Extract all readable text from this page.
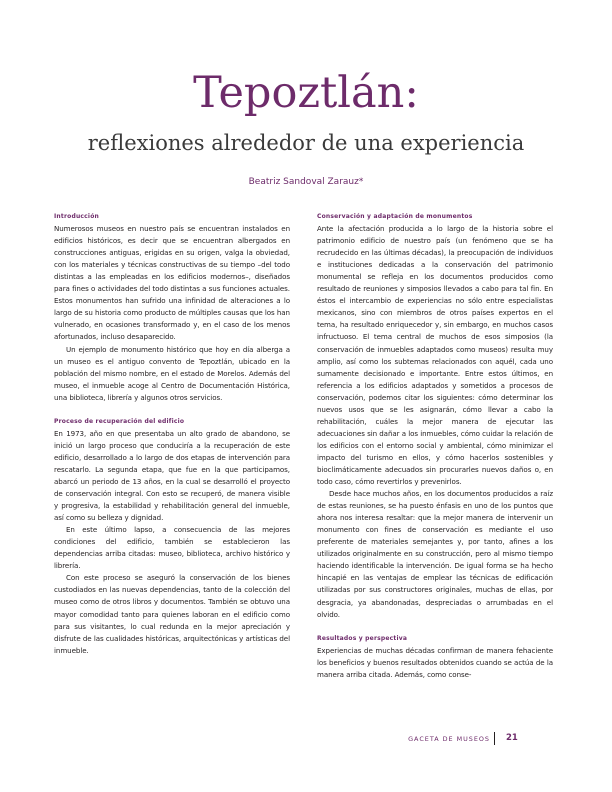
Tepoztlán:
reflexiones alrededor de una experiencia

Beatriz Sandoval Zarauz*

Introducción

Numerosos museos en nuestro país se encuentran instalados en edificios históricos, es decir que se encuentran albergados en construcciones antiguas, erigidas en su origen, valga la obviedad, con los materiales y técnicas constructivas de su tiempo –del todo distintas a las empleadas en los edificios modernos–, diseñados para fines o actividades del todo distintas a sus funciones actuales. Estos monumentos han sufrido una infinidad de alteraciones a lo largo de su historia como producto de múltiples causas que los han vulnerado, en ocasiones transformado y, en el caso de los menos afortunados, incluso desaparecido.

Un ejemplo de monumento histórico que hoy en día alberga a un museo es el antiguo convento de Tepoztlán, ubicado en la población del mismo nombre, en el estado de Morelos. Además del museo, el inmueble acoge al Centro de Documentación Histórica, una biblioteca, librería y algunos otros servicios.

Proceso de recuperación del edificio

En 1973, año en que presentaba un alto grado de abandono, se inició un largo proceso que conduciría a la recuperación de este edificio, desarrollado a lo largo de dos etapas de intervención para rescatarlo. La segunda etapa, que fue en la que participamos, abarcó un periodo de 13 años, en la cual se desarrolló el proyecto de conservación integral. Con esto se recuperó, de manera visible y progresiva, la estabilidad y rehabilitación general del inmueble, así como su belleza y dignidad.

En este último lapso, a consecuencia de las mejores condiciones del edificio, también se establecieron las dependencias arriba citadas: museo, biblioteca, archivo histórico y librería.

Con este proceso se aseguró la conservación de los bienes custodiados en las nuevas dependencias, tanto de la colección del museo como de otros libros y documentos. También se obtuvo una mayor comodidad tanto para quienes laboran en el edificio como para sus visitantes, lo cual redunda en la mejor apreciación y disfrute de las cualidades históricas, arquitectónicas y artísticas del inmueble.

Conservación y adaptación de monumentos

Ante la afectación producida a lo largo de la historia sobre el patrimonio edificio de nuestro país (un fenómeno que se ha recrudecido en las últimas décadas), la preocupación de individuos e instituciones dedicadas a la conservación del patrimonio monumental se refleja en los documentos producidos como resultado de reuniones y simposios llevados a cabo para tal fin. En éstos el intercambio de experiencias no sólo entre especialistas mexicanos, sino con miembros de otros países expertos en el tema, ha resultado enriquecedor y, sin embargo, en muchos casos infructuoso. El tema central de muchos de esos simposios (la conservación de inmuebles adaptados como museos) resulta muy amplio, así como los subtemas relacionados con aquél, cada uno sumamente decisionado e importante. Entre estos últimos, en referencia a los edificios adaptados y sometidos a procesos de conservación, podemos citar los siguientes: cómo determinar los nuevos usos que se les asignarán, cómo llevar a cabo la rehabilitación, cuáles la mejor manera de ejecutar las adecuaciones sin dañar a los inmuebles, cómo cuidar la relación de los edificios con el entorno social y ambiental, cómo minimizar el impacto del turismo en ellos, y cómo hacerlos sostenibles y bioclimáticamente adecuados sin procurarles nuevos daños o, en todo caso, cómo revertirlos y prevenirlos.

Desde hace muchos años, en los documentos producidos a raíz de estas reuniones, se ha puesto énfasis en uno de los puntos que ahora nos interesa resaltar: que la mejor manera de intervenir un monumento con fines de conservación es mediante el uso preferente de materiales semejantes y, por tanto, afines a los utilizados originalmente en su construcción, pero al mismo tiempo haciendo identificable la intervención. De igual forma se ha hecho hincapié en las ventajas de emplear las técnicas de edificación utilizadas por sus constructores originales, muchas de ellas, por desgracia, ya abandonadas, despreciadas o arrumbadas en el olvido.

Resultados y perspectiva

Experiencias de muchas décadas confirman de manera fehaciente los beneficios y buenos resultados obtenidos cuando se actúa de la manera arriba citada. Además, como conse-

GACETA DE MUSEOS 21
